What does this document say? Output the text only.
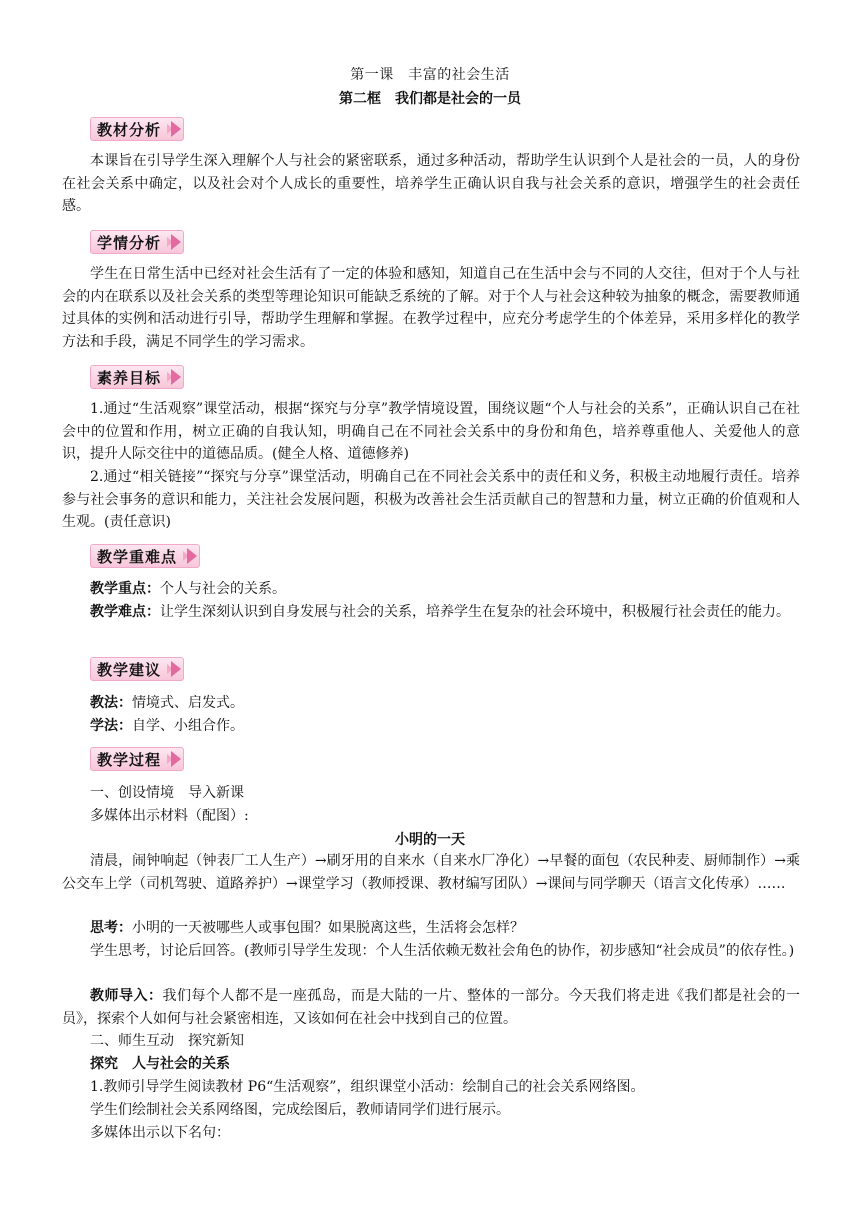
第一课　丰富的社会生活
第二框　我们都是社会的一员
教材分析

本课旨在引导学生深入理解个人与社会的紧密联系，通过多种活动，帮助学生认识到个人是社会的一员，人的身份在社会关系中确定，以及社会对个人成长的重要性，培养学生正确认识自我与社会关系的意识，增强学生的社会责任感。

学情分析

学生在日常生活中已经对社会生活有了一定的体验和感知，知道自己在生活中会与不同的人交往，但对于个人与社会的内在联系以及社会关系的类型等理论知识可能缺乏系统的了解。对于个人与社会这种较为抽象的概念，需要教师通过具体的实例和活动进行引导，帮助学生理解和掌握。在教学过程中，应充分考虑学生的个体差异，采用多样化的教学方法和手段，满足不同学生的学习需求。

素养目标

1.通过“生活观察”课堂活动，根据“探究与分享”教学情境设置，围绕议题“个人与社会的关系”，正确认识自己在社会中的位置和作用，树立正确的自我认知，明确自己在不同社会关系中的身份和角色，培养尊重他人、关爱他人的意识，提升人际交往中的道德品质。(健全人格、道德修养)

2.通过“相关链接”“探究与分享”课堂活动，明确自己在不同社会关系中的责任和义务，积极主动地履行责任。培养参与社会事务的意识和能力，关注社会发展问题，积极为改善社会生活贡献自己的智慧和力量，树立正确的价值观和人生观。(责任意识)

教学重难点

教学重点：个人与社会的关系。

教学难点：让学生深刻认识到自身发展与社会的关系，培养学生在复杂的社会环境中，积极履行社会责任的能力。

教学建议

教法：情境式、启发式。

学法：自学、小组合作。

教学过程

一、创设情境　导入新课

多媒体出示材料（配图）:

小明的一天

清晨，闹钟响起（钟表厂工人生产）→刷牙用的自来水（自来水厂净化）→早餐的面包（农民种麦、厨师制作）→乘公交车上学（司机驾驶、道路养护）→课堂学习（教师授课、教材编写团队）→课间与同学聊天（语言文化传承）……

思考：小明的一天被哪些人或事包围？如果脱离这些，生活将会怎样？

学生思考，讨论后回答。(教师引导学生发现：个人生活依赖无数社会角色的协作，初步感知“社会成员”的依存性。)

教师导入：我们每个人都不是一座孤岛，而是大陆的一片、整体的一部分。今天我们将走进《我们都是社会的一员》，探索个人如何与社会紧密相连，又该如何在社会中找到自己的位置。

二、师生互动　探究新知

探究　人与社会的关系

1.教师引导学生阅读教材 P6“生活观察”，组织课堂小活动：绘制自己的社会关系网络图。

学生们绘制社会关系网络图，完成绘图后，教师请同学们进行展示。

多媒体出示以下名句：
